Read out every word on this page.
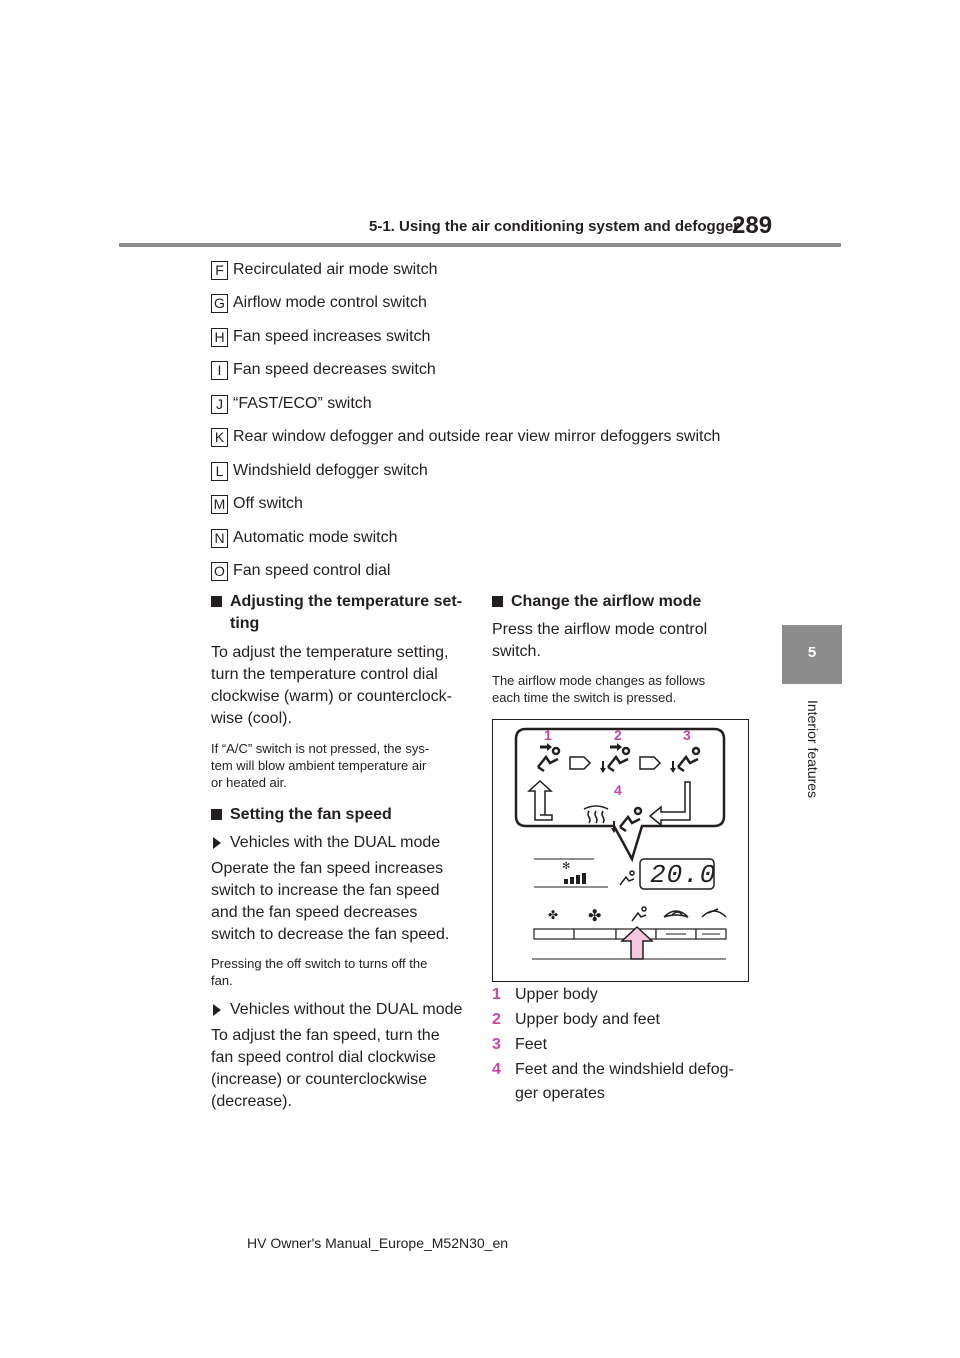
5-1. Using the air conditioning system and defogger
289
5
Interior features
F Recirculated air mode switch
G Airflow mode control switch
H Fan speed increases switch
I Fan speed decreases switch
J “FAST/ECO” switch
K Rear window defogger and outside rear view mirror defoggers switch
L Windshield defogger switch
M Off switch
N Automatic mode switch
O Fan speed control dial
Adjusting the temperature set-
ting
To adjust the temperature setting,
turn the temperature control dial
clockwise (warm) or counterclock-
wise (cool).
If “A/C” switch is not pressed, the sys-
tem will blow ambient temperature air
or heated air.
Setting the fan speed
Vehicles with the DUAL mode
Operate the fan speed increases
switch to increase the fan speed
and the fan speed decreases
switch to decrease the fan speed.
Pressing the off switch to turns off the
fan.
Vehicles without the DUAL mode
To adjust the fan speed, turn the
fan speed control dial clockwise
(increase) or counterclockwise
(decrease).
Change the airflow mode
Press the airflow mode control
switch.
The airflow mode changes as follows
each time the switch is pressed.
1	2	3
4
20.0
✻
✤ ✤
1 Upper body
2 Upper body and feet
3 Feet
4 Feet and the windshield defog-
ger operates
HV Owner's Manual_Europe_M52N30_en
